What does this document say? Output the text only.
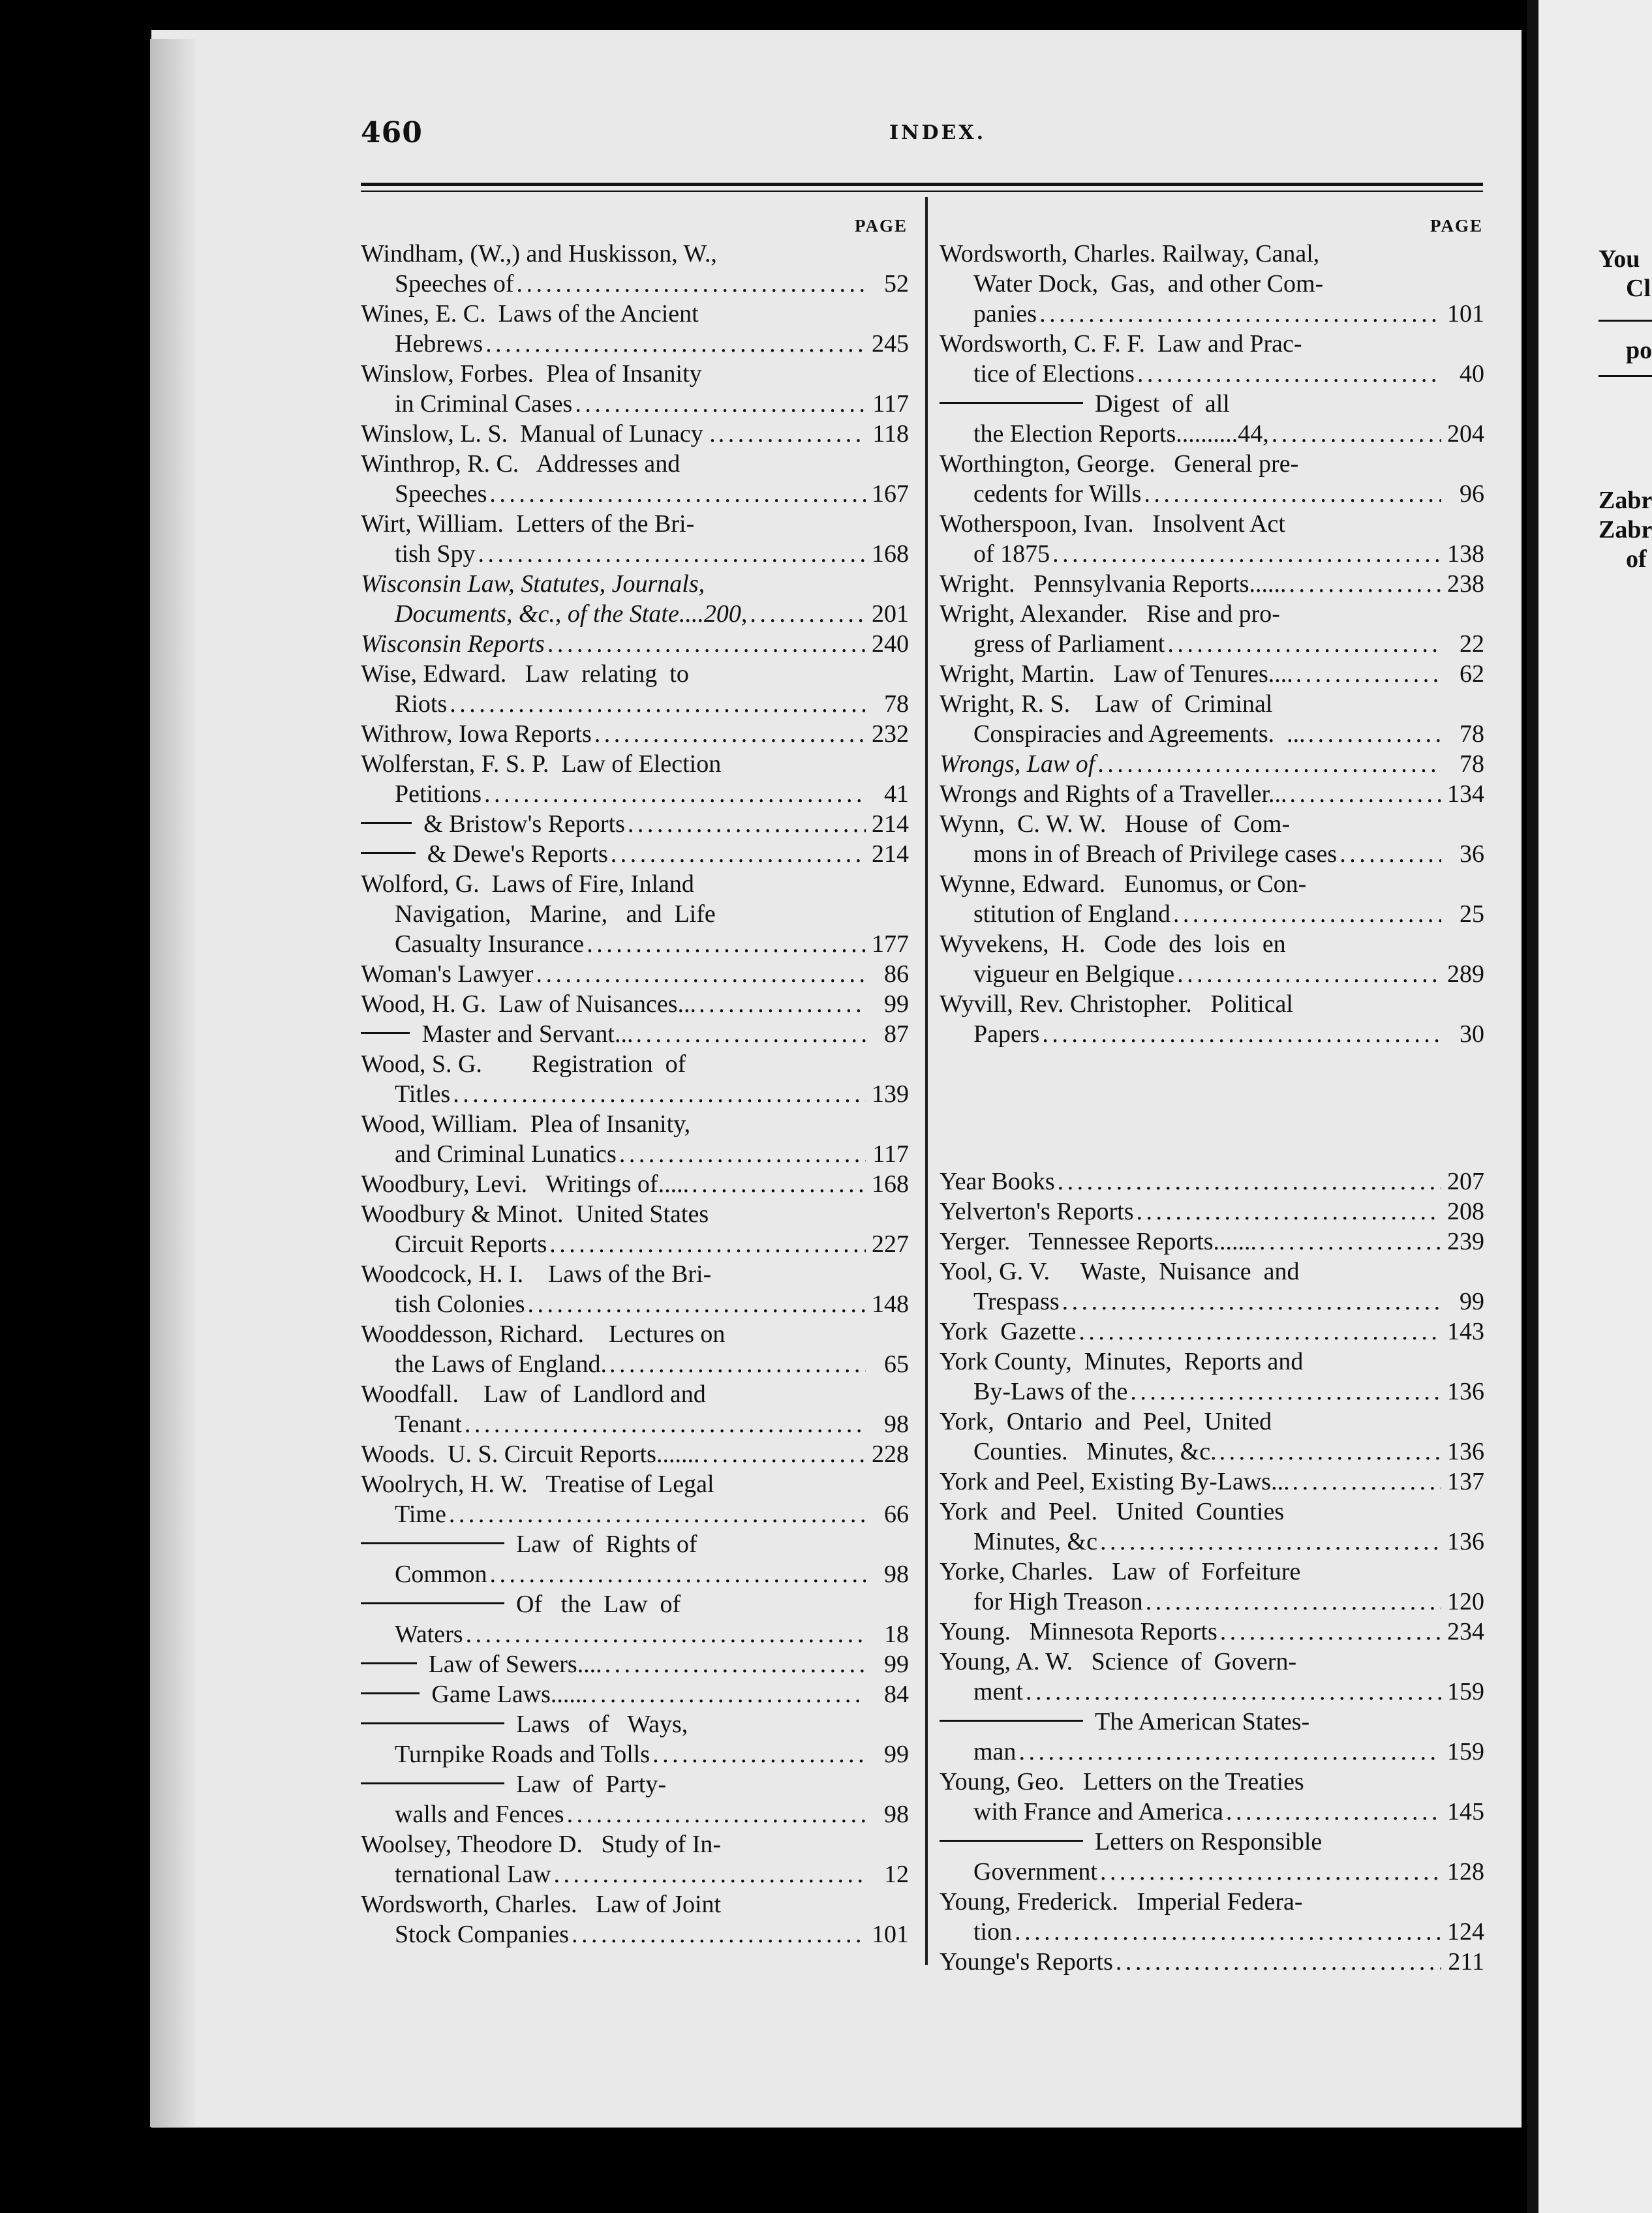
You
Cl
po
Zabr
Zabr
of
460	INDEX.
PAGE
Windham, (W.,) and Huskisson, W.,
Speeches of . . .	52
Wines, E. C.  Laws of the Ancient
Hebrews . . .	245
Winslow, Forbes.  Plea of Insanity
in Criminal Cases . . .	117
Winslow, L. S.  Manual of Lunacy . . . .	118
Winthrop, R. C.   Addresses and
Speeches . . .	167
Wirt, William.  Letters of the Bri-
tish Spy . . .	168
Wisconsin Law, Statutes, Journals,
Documents, &c., of the State....200, . . .	201
Wisconsin Reports . . .	240
Wise, Edward.   Law  relating  to
Riots . . .	78
Withrow, Iowa Reports . . .	232
Wolferstan, F. S. P.  Law of Election
Petitions . . .	41
& Bristow's Reports . . .	214
& Dewe's Reports . . .	214
Wolford, G.  Laws of Fire, Inland
Navigation,   Marine,   and  Life
Casualty Insurance . . .	177
Woman's Lawyer . . .	86
Wood, H. G.  Law of Nuisances... . . .	99
Master and Servant... . . .	87
Wood, S. G.        Registration  of
Titles . . .	139
Wood, William.  Plea of Insanity,
and Criminal Lunatics . . .	117
Woodbury, Levi.   Writings of..... . . .	168
Woodbury & Minot.  United States
Circuit Reports . . .	227
Woodcock, H. I.    Laws of the Bri-
tish Colonies . . .	148
Wooddesson, Richard.    Lectures on
the Laws of England. . . .	65
Woodfall.    Law  of  Landlord and
Tenant . . .	98
Woods.  U. S. Circuit Reports....... . . .	228
Woolrych, H. W.   Treatise of Legal
Time . . .	66
Law  of  Rights of
Common . . .	98
Of   the  Law  of
Waters . . .	18
Law of Sewers.... . . .	99
Game Laws...... . . .	84
Laws   of   Ways,
Turnpike Roads and Tolls . . .	99
Law  of  Party-
walls and Fences . . .	98
Woolsey, Theodore D.   Study of In-
ternational Law . . .	12
Wordsworth, Charles.   Law of Joint
Stock Companies . . .	101
PAGE
Wordsworth, Charles. Railway, Canal,
Water Dock,  Gas,  and other Com-
panies . . .	101
Wordsworth, C. F. F.  Law and Prac-
tice of Elections . . .	40
Digest  of  all
the Election Reports..........44, . . .	204
Worthington, George.   General pre-
cedents for Wills . . .	96
Wotherspoon, Ivan.   Insolvent Act
of 1875 . . .	138
Wright.   Pennsylvania Reports...... . . .	238
Wright, Alexander.   Rise and pro-
gress of Parliament . . .	22
Wright, Martin.   Law of Tenures.... . . .	62
Wright, R. S.    Law  of  Criminal
Conspiracies and Agreements.  ... . . .	78
Wrongs, Law of . . .	78
Wrongs and Rights of a Traveller... . . .	134
Wynn,  C. W. W.   House  of  Com-
mons in of Breach of Privilege cases . . .	36
Wynne, Edward.   Eunomus, or Con-
stitution of England . . .	25
Wyvekens,  H.   Code  des  lois  en
vigueur en Belgique . . .	289
Wyvill, Rev. Christopher.   Political
Papers . . .	30
Year Books . . .	207
Yelverton's Reports . . .	208
Yerger.   Tennessee Reports....... . . .	239
Yool, G. V.     Waste,  Nuisance  and
Trespass . . .	99
York  Gazette . . .	143
York County,  Minutes,  Reports and
By-Laws of the . . .	136
York,  Ontario  and  Peel,  United
Counties.   Minutes, &c. . . .	136
York and Peel, Existing By-Laws... . . .	137
York  and  Peel.   United  Counties
Minutes, &c . . .	136
Yorke, Charles.   Law  of  Forfeiture
for High Treason . . .	120
Young.   Minnesota Reports . . .	234
Young, A. W.   Science  of  Govern-
ment . . .	159
The American States-
man . . .	159
Young, Geo.   Letters on the Treaties
with France and America . . .	145
Letters on Responsible
Government . . .	128
Young, Frederick.   Imperial Federa-
tion . . .	124
Younge's Reports . . .	211
